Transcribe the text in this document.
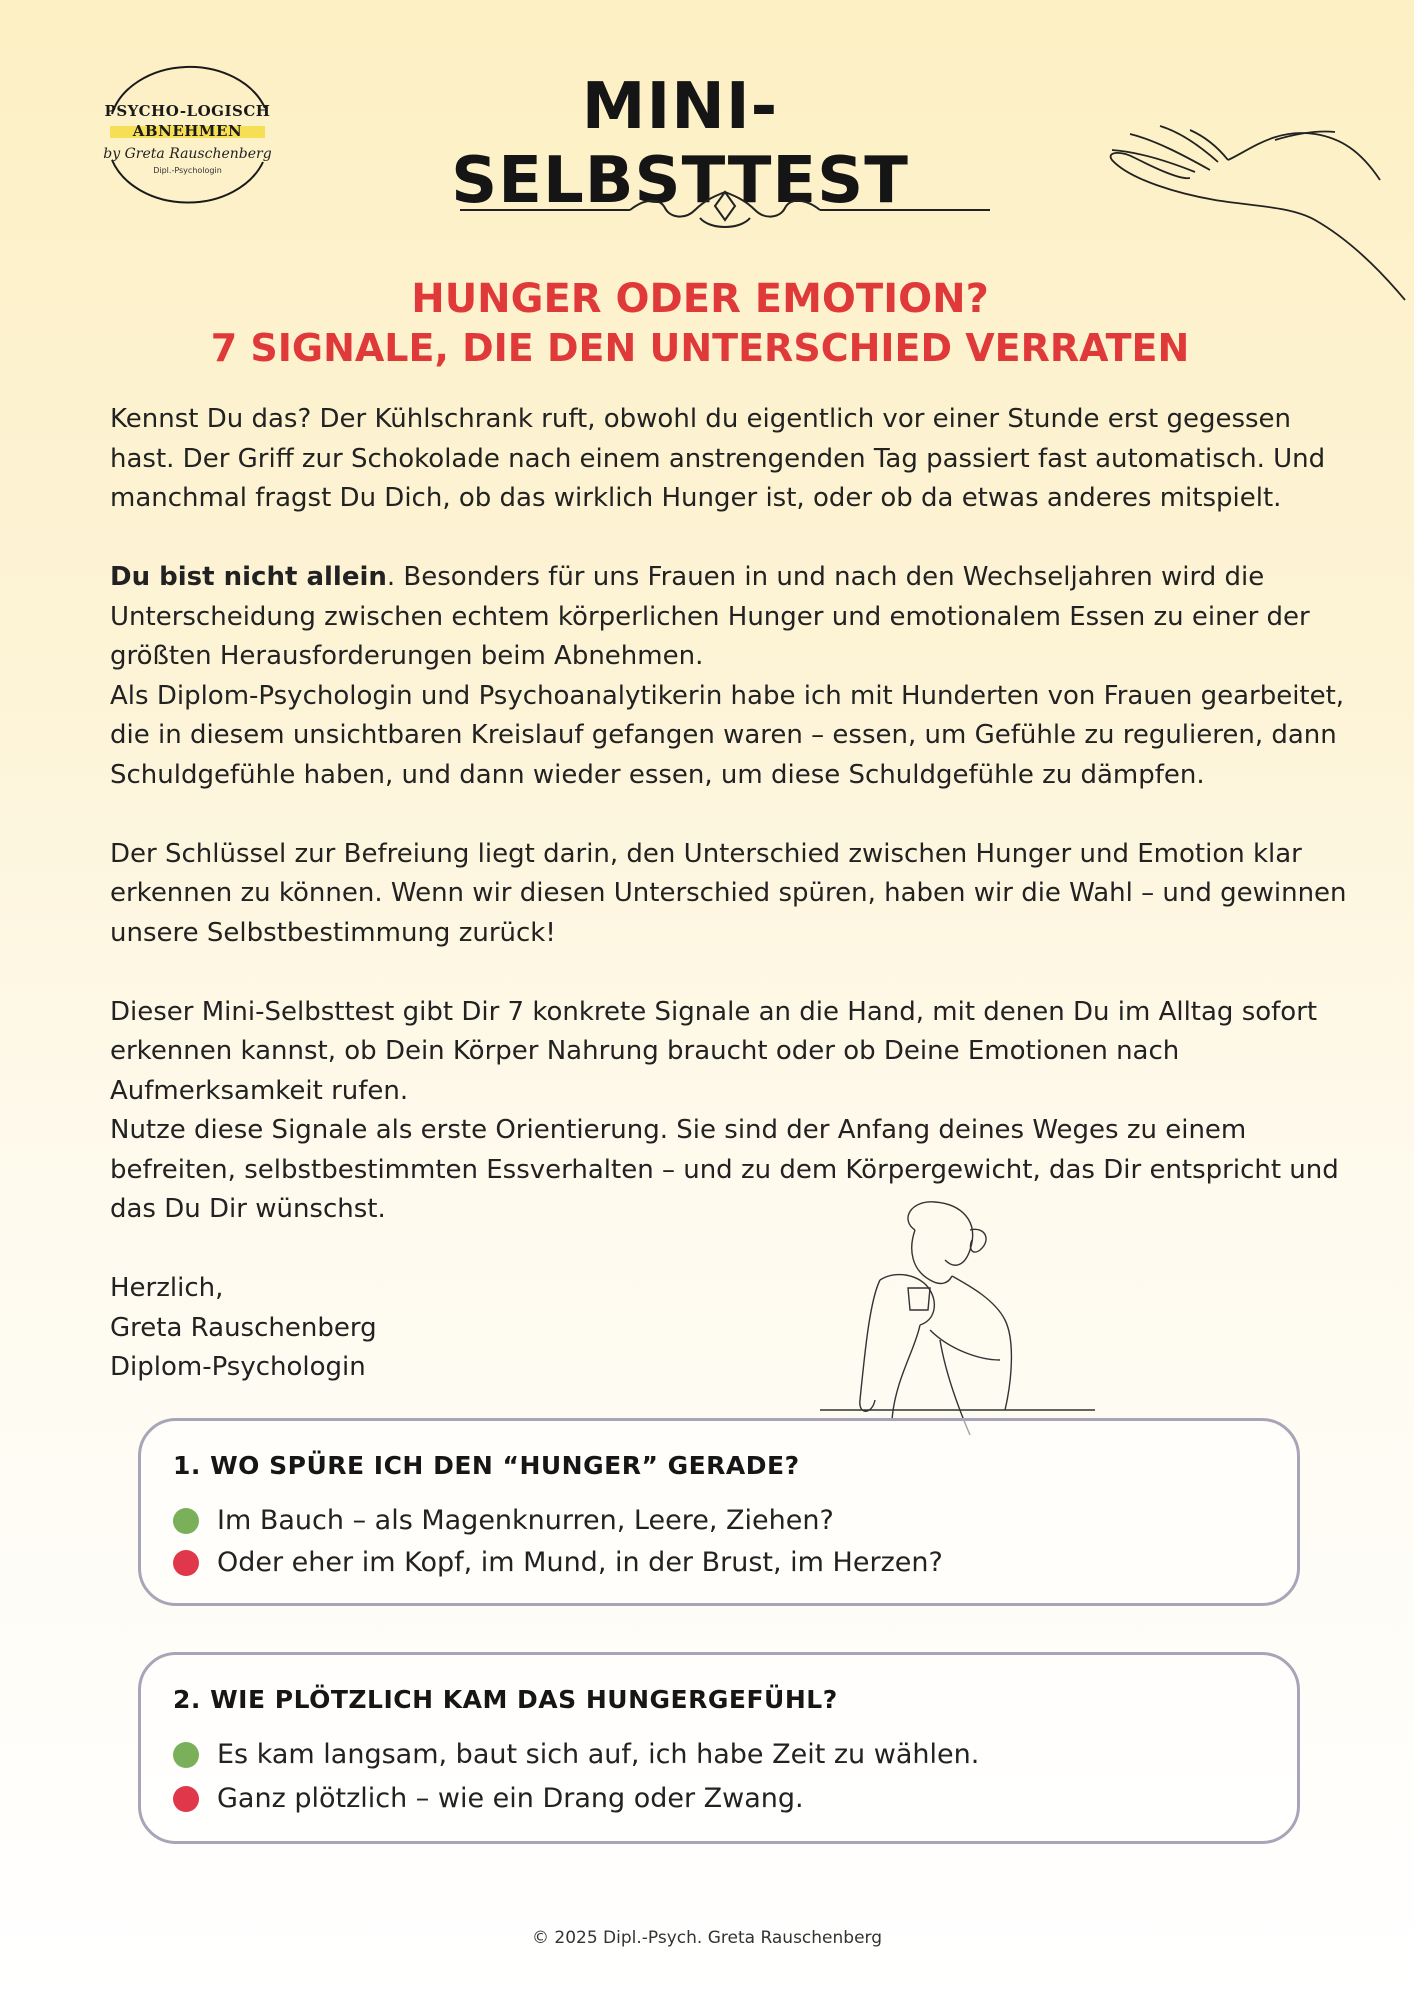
PSYCHO-LOGISCH
ABNEHMEN
by Greta Rauschenberg
Dipl.-Psychologin
MINI-SELBSTTEST
HUNGER ODER EMOTION?
7 SIGNALE, DIE DEN UNTERSCHIED VERRATEN

Kennst Du das? Der Kühlschrank ruft, obwohl du eigentlich vor einer Stunde erst gegessen hast. Der Griff zur Schokolade nach einem anstrengenden Tag passiert fast automatisch. Und manchmal fragst Du Dich, ob das wirklich Hunger ist, oder ob da etwas anderes mitspielt.

Du bist nicht allein. Besonders für uns Frauen in und nach den Wechseljahren wird die Unterscheidung zwischen echtem körperlichen Hunger und emotionalem Essen zu einer der größten Herausforderungen beim Abnehmen.
Als Diplom-Psychologin und Psychoanalytikerin habe ich mit Hunderten von Frauen gearbeitet, die in diesem unsichtbaren Kreislauf gefangen waren – essen, um Gefühle zu regulieren, dann Schuldgefühle haben, und dann wieder essen, um diese Schuldgefühle zu dämpfen.

Der Schlüssel zur Befreiung liegt darin, den Unterschied zwischen Hunger und Emotion klar erkennen zu können. Wenn wir diesen Unterschied spüren, haben wir die Wahl – und gewinnen unsere Selbstbestimmung zurück!

Dieser Mini-Selbsttest gibt Dir 7 konkrete Signale an die Hand, mit denen Du im Alltag sofort erkennen kannst, ob Dein Körper Nahrung braucht oder ob Deine Emotionen nach Aufmerksamkeit rufen.
Nutze diese Signale als erste Orientierung. Sie sind der Anfang deines Weges zu einem befreiten, selbstbestimmten Essverhalten – und zu dem Körpergewicht, das Dir entspricht und das Du Dir wünschst.

Herzlich,
Greta Rauschenberg
Diplom-Psychologin

1. WO SPÜRE ICH DEN “HUNGER” GERADE?
Im Bauch – als Magenknurren, Leere, Ziehen?
Oder eher im Kopf, im Mund, in der Brust, im Herzen?
2. WIE PLÖTZLICH KAM DAS HUNGERGEFÜHL?
Es kam langsam, baut sich auf, ich habe Zeit zu wählen.
Ganz plötzlich – wie ein Drang oder Zwang.
© 2025 Dipl.-Psych. Greta Rauschenberg
